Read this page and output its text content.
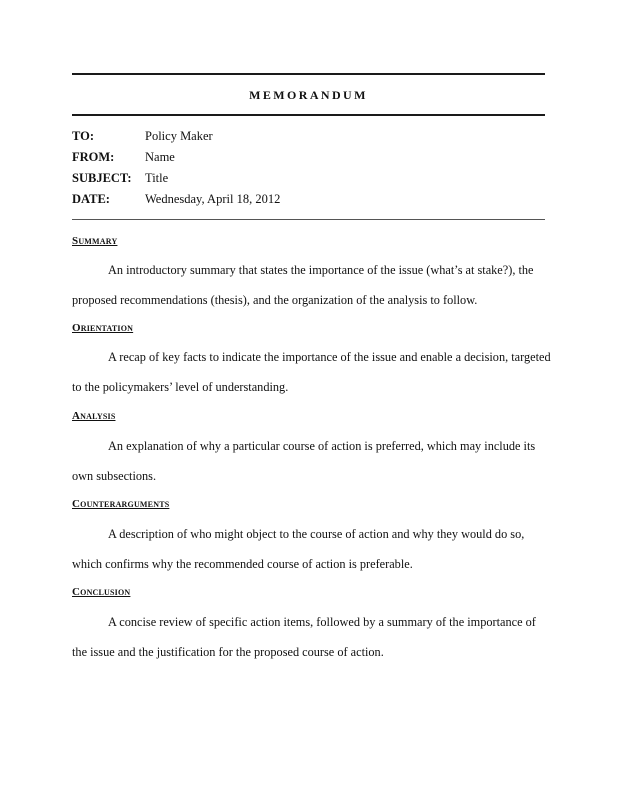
MEMORANDUM
TO:	Policy Maker
FROM: Name
SUBJECT: Title
DATE:	Wednesday, April 18, 2012
Summary
An introductory summary that states the importance of the issue (what’s at stake?), the
proposed recommendations (thesis), and the organization of the analysis to follow.
Orientation
A recap of key facts to indicate the importance of the issue and enable a decision, targeted
to the policymakers’ level of understanding.
Analysis
An explanation of why a particular course of action is preferred, which may include its
own subsections.
Counterarguments
A description of who might object to the course of action and why they would do so,
which confirms why the recommended course of action is preferable.
Conclusion
A concise review of specific action items, followed by a summary of the importance of
the issue and the justification for the proposed course of action.
